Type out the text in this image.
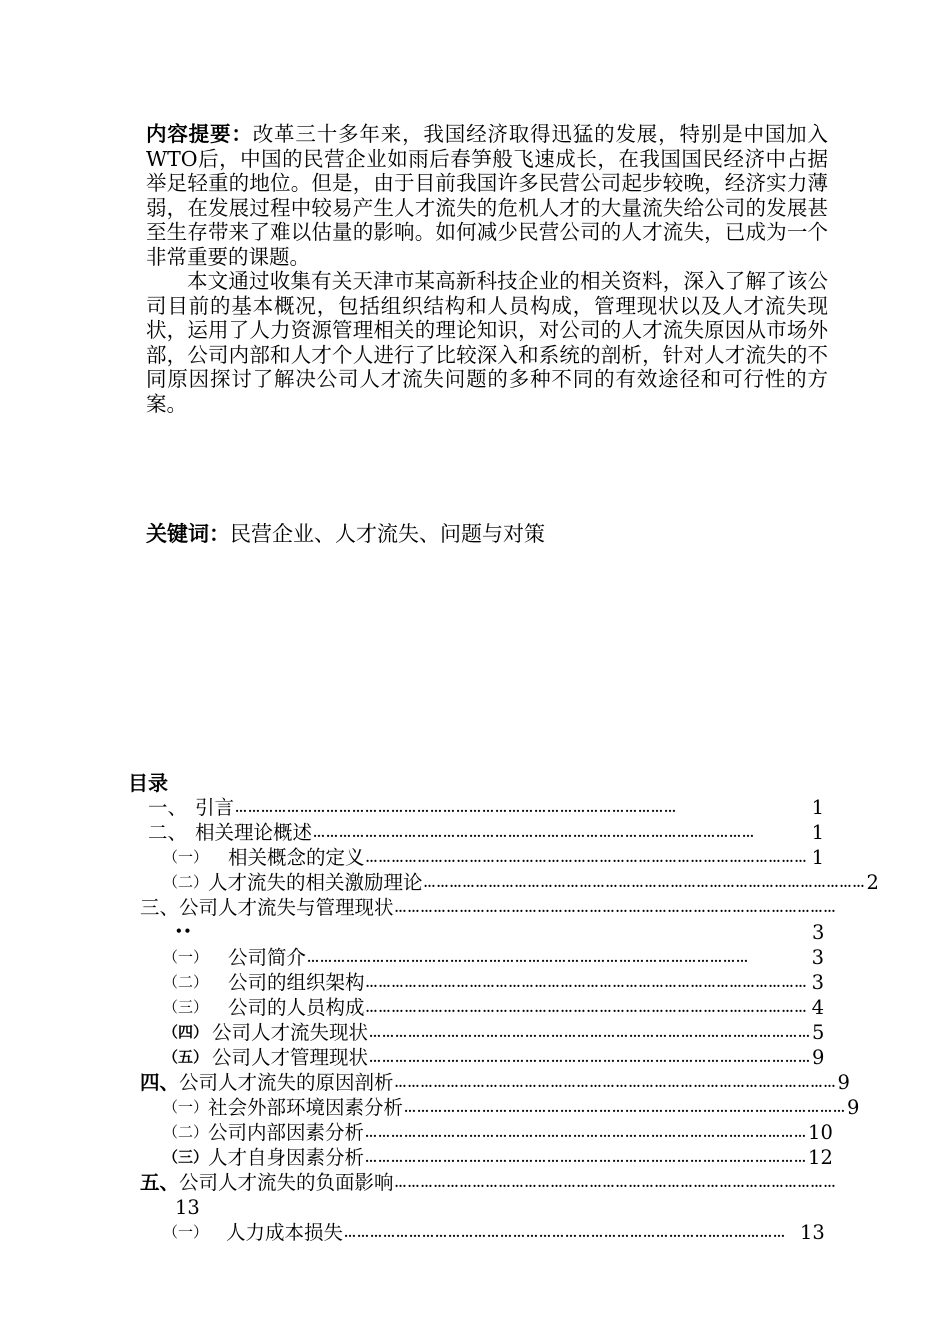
内容提要：改革三十多年来，我国经济取得迅猛的发展，特别是中国加入WTO后，中国的民营企业如雨后春笋般飞速成长，在我国国民经济中占据举足轻重的地位。但是，由于目前我国许多民营公司起步较晚，经济实力薄弱，在发展过程中较易产生人才流失的危机人才的大量流失给公司的发展甚至生存带来了难以估量的影响。如何减少民营公司的人才流失，已成为一个非常重要的课题。

本文通过收集有关天津市某高新科技企业的相关资料，深入了解了该公司目前的基本概况，包括组织结构和人员构成，管理现状以及人才流失现状，运用了人力资源管理相关的理论知识，对公司的人才流失原因从市场外部，公司内部和人才个人进行了比较深入和系统的剖析，针对人才流失的不同原因探讨了解决公司人才流失问题的多种不同的有效途径和可行性的方案。

关键词：民营企业、人才流失、问题与对策
目录
一、 引言 …………………………………………………………………………………………	1
二、 相关理论概述 …………………………………………………………………………………………	1
（一）	相关概念的定义 ………………………………………………………………………………………… 1
（二） 人才流失的相关激励理论 ………………………………………………………………………………………… 2
三、 公司人才流失与管理现状 …………………………………………………………………………………………
••	3
（一）	公司简介 …………………………………………………………………………………………	3
（二）	公司的组织架构 ………………………………………………………………………………………… 3
（三）	公司的人员构成 ………………………………………………………………………………………… 4
（四） 公司人才流失现状 ………………………………………………………………………………………… 5
（五） 公司人才管理现状 ………………………………………………………………………………………… 9
四、 公司人才流失的原因剖析 ………………………………………………………………………………………… 9
（一） 社会外部环境因素分析 ………………………………………………………………………………………… 9
（二） 公司内部因素分析 ………………………………………………………………………………………… 10
（三） 人才自身因素分析 ………………………………………………………………………………………… 12
五、 公司人才流失的负面影响 …………………………………………………………………………………………
13
（一） 人力成本损失 ………………………………………………………………………………………… 13
